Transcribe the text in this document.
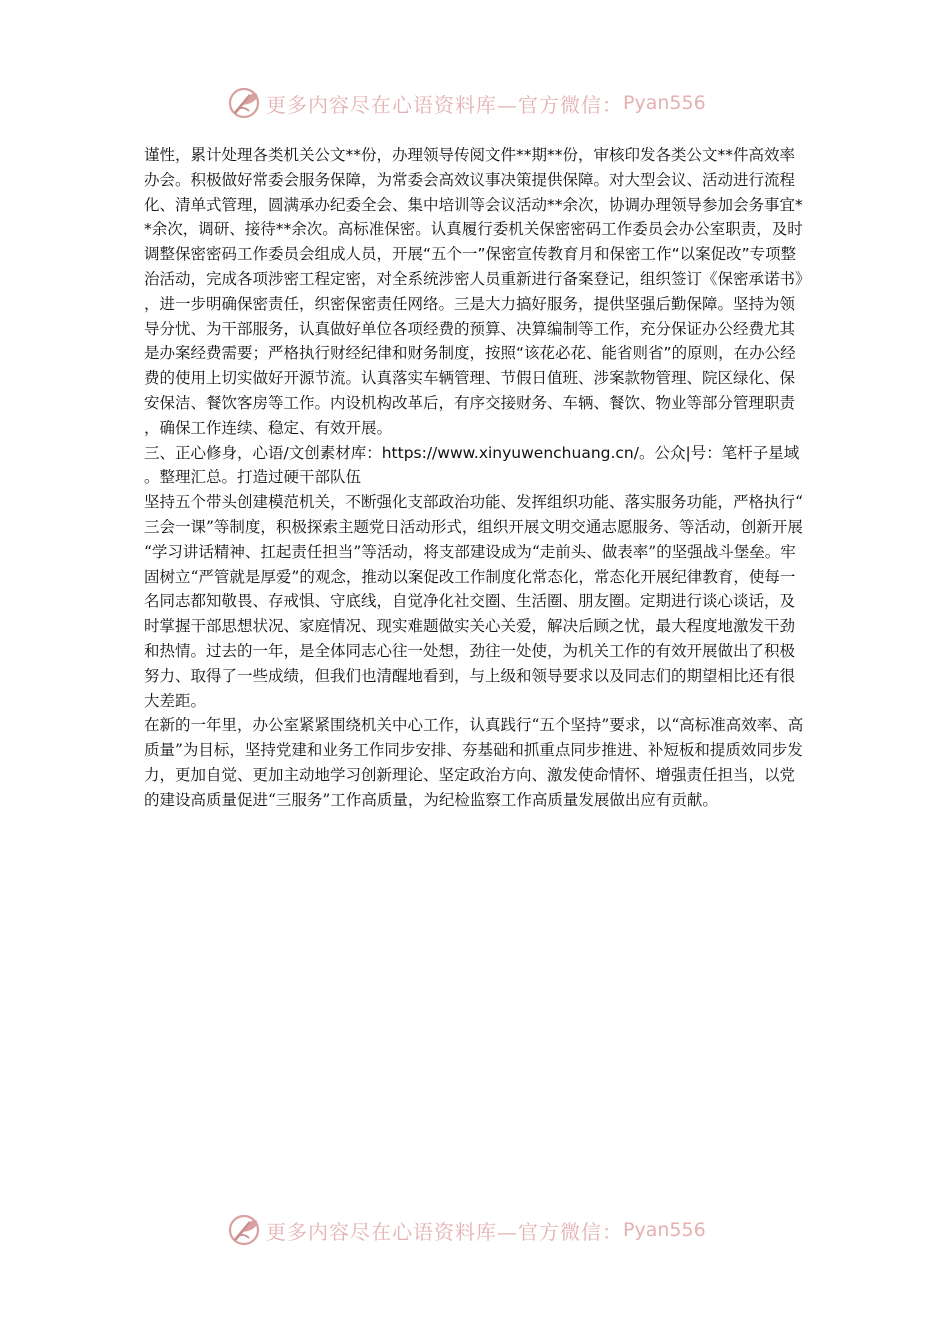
更多内容尽在心语资料库—官方微信： Pyan556

谨性，累计处理各类机关公文**份，办理领导传阅文件**期**份，审核印发各类公文**件高效率办会。积极做好常委会服务保障，为常委会高效议事决策提供保障。对大型会议、活动进行流程化、清单式管理，圆满承办纪委全会、集中培训等会议活动**余次，协调办理领导参加会务事宜**余次，调研、接待**余次。高标准保密。认真履行委机关保密密码工作委员会办公室职责，及时调整保密密码工作委员会组成人员，开展“五个一”保密宣传教育月和保密工作“以案促改”专项整治活动，完成各项涉密工程定密，对全系统涉密人员重新进行备案登记，组织签订《保密承诺书》，进一步明确保密责任，织密保密责任网络。三是大力搞好服务，提供坚强后勤保障。坚持为领导分忧、为干部服务，认真做好单位各项经费的预算、决算编制等工作，充分保证办公经费尤其是办案经费需要；严格执行财经纪律和财务制度，按照“该花必花、能省则省”的原则，在办公经费的使用上切实做好开源节流。认真落实车辆管理、节假日值班、涉案款物管理、院区绿化、保安保洁、餐饮客房等工作。内设机构改革后，有序交接财务、车辆、餐饮、物业等部分管理职责，确保工作连续、稳定、有效开展。

三、正心修身，心语/文创素材库：https://www.xinyuwenchuang.cn/。公众|号：笔杆子星域。整理汇总。打造过硬干部队伍

坚持五个带头创建模范机关，不断强化支部政治功能、发挥组织功能、落实服务功能，严格执行“三会一课”等制度，积极探索主题党日活动形式，组织开展文明交通志愿服务、等活动，创新开展“学习讲话精神、扛起责任担当”等活动，将支部建设成为“走前头、做表率”的坚强战斗堡垒。牢固树立“严管就是厚爱”的观念，推动以案促改工作制度化常态化，常态化开展纪律教育，使每一名同志都知敬畏、存戒惧、守底线，自觉净化社交圈、生活圈、朋友圈。定期进行谈心谈话，及时掌握干部思想状况、家庭情况、现实难题做实关心关爱，解决后顾之忧，最大程度地激发干劲和热情。过去的一年，是全体同志心往一处想，劲往一处使，为机关工作的有效开展做出了积极努力、取得了一些成绩，但我们也清醒地看到，与上级和领导要求以及同志们的期望相比还有很大差距。

在新的一年里，办公室紧紧围绕机关中心工作，认真践行“五个坚持”要求，以“高标准高效率、高质量”为目标，坚持党建和业务工作同步安排、夯基础和抓重点同步推进、补短板和提质效同步发力，更加自觉、更加主动地学习创新理论、坚定政治方向、激发使命情怀、增强责任担当，以党的建设高质量促进“三服务”工作高质量，为纪检监察工作高质量发展做出应有贡献。

更多内容尽在心语资料库—官方微信： Pyan556
